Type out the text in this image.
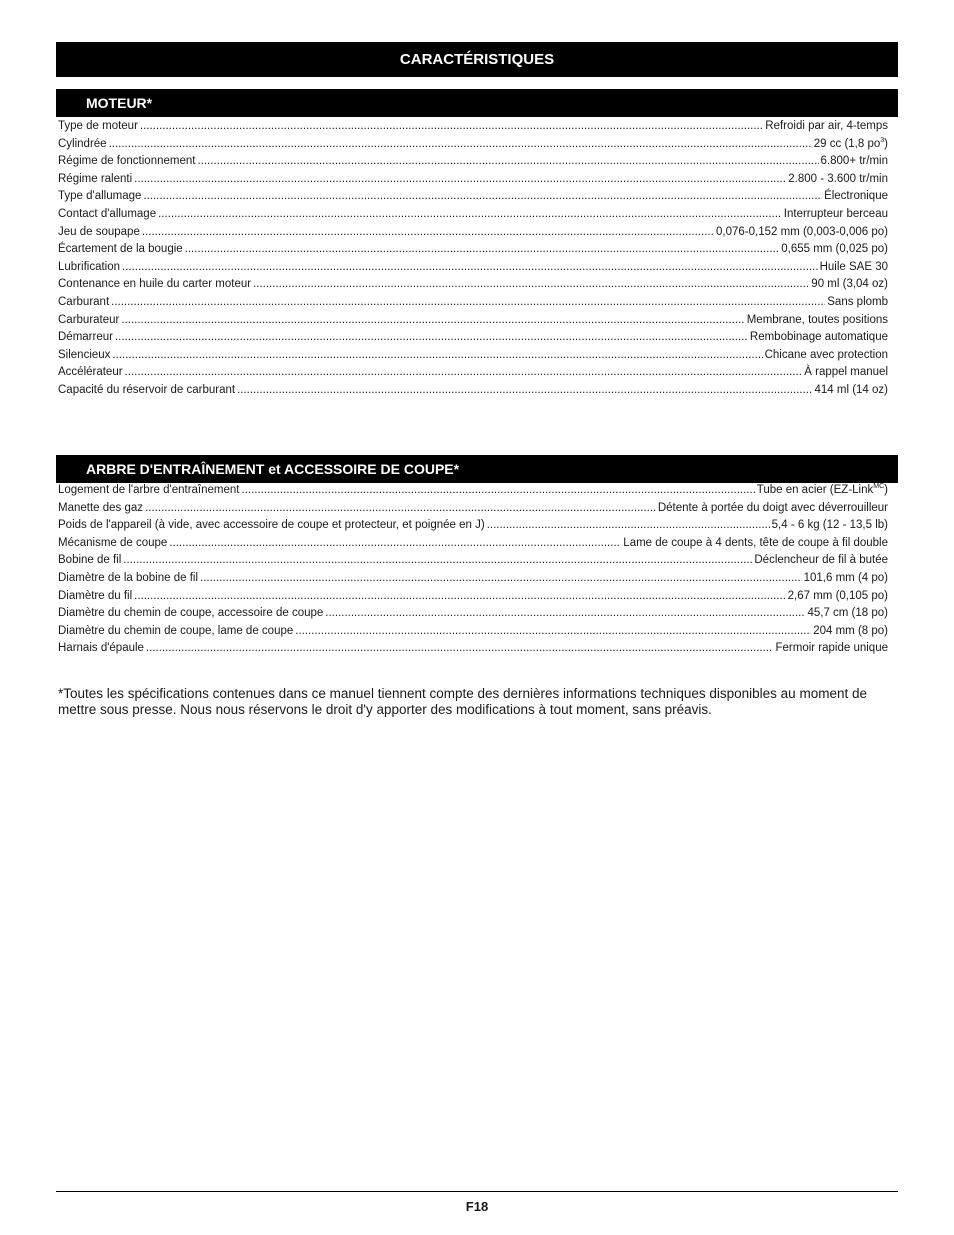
CARACTÉRISTIQUES
MOTEUR*
Type de moteur .....	Refroidi par air, 4-temps
Cylindrée .....	29 cc (1,8 $po^3$)
Régime de fonctionnement .....	6.800+ tr/min
Régime ralenti .....	2.800 - 3.600 tr/min
Type d'allumage .....	Électronique
Contact d'allumage .....	Interrupteur berceau
Jeu de soupape .....	0,076-0,152 mm (0,003-0,006 po)
Écartement de la bougie .....	0,655 mm (0,025 po)
Lubrification .....	Huile SAE 30
Contenance en huile du carter moteur .....	90 ml (3,04 oz)
Carburant .....	Sans plomb
Carburateur .....	Membrane, toutes positions
Démarreur .....	Rembobinage automatique
Silencieux .....	Chicane avec protection
Accélérateur .....	À rappel manuel
Capacité du réservoir de carburant .....	414 ml (14 oz)
ARBRE D'ENTRAÎNEMENT et ACCESSOIRE DE COUPE*
Logement de l'arbre d'entraînement .....	Tube en acier (EZ-Link$^{MC}$)
Manette des gaz .....	Détente à portée du doigt avec déverrouilleur
Poids de l'appareil (à vide, avec accessoire de coupe et protecteur, et poignée en J) .....	5,4 - 6 kg (12 - 13,5 lb)
Mécanisme de coupe .....	Lame de coupe à 4 dents, tête de coupe à fil double
Bobine de fil .....	Déclencheur de fil à butée
Diamètre de la bobine de fil .....	101,6 mm (4 po)
Diamètre du fil .....	2,67 mm (0,105 po)
Diamètre du chemin de coupe, accessoire de coupe .....	45,7 cm (18 po)
Diamètre du chemin de coupe, lame de coupe .....	204 mm (8 po)
Harnais d'épaule .....	Fermoir rapide unique
*Toutes les spécifications contenues dans ce manuel tiennent compte des dernières informations techniques disponibles au moment de mettre sous presse. Nous nous réservons le droit d'y apporter des modifications à tout moment, sans préavis.
F18
